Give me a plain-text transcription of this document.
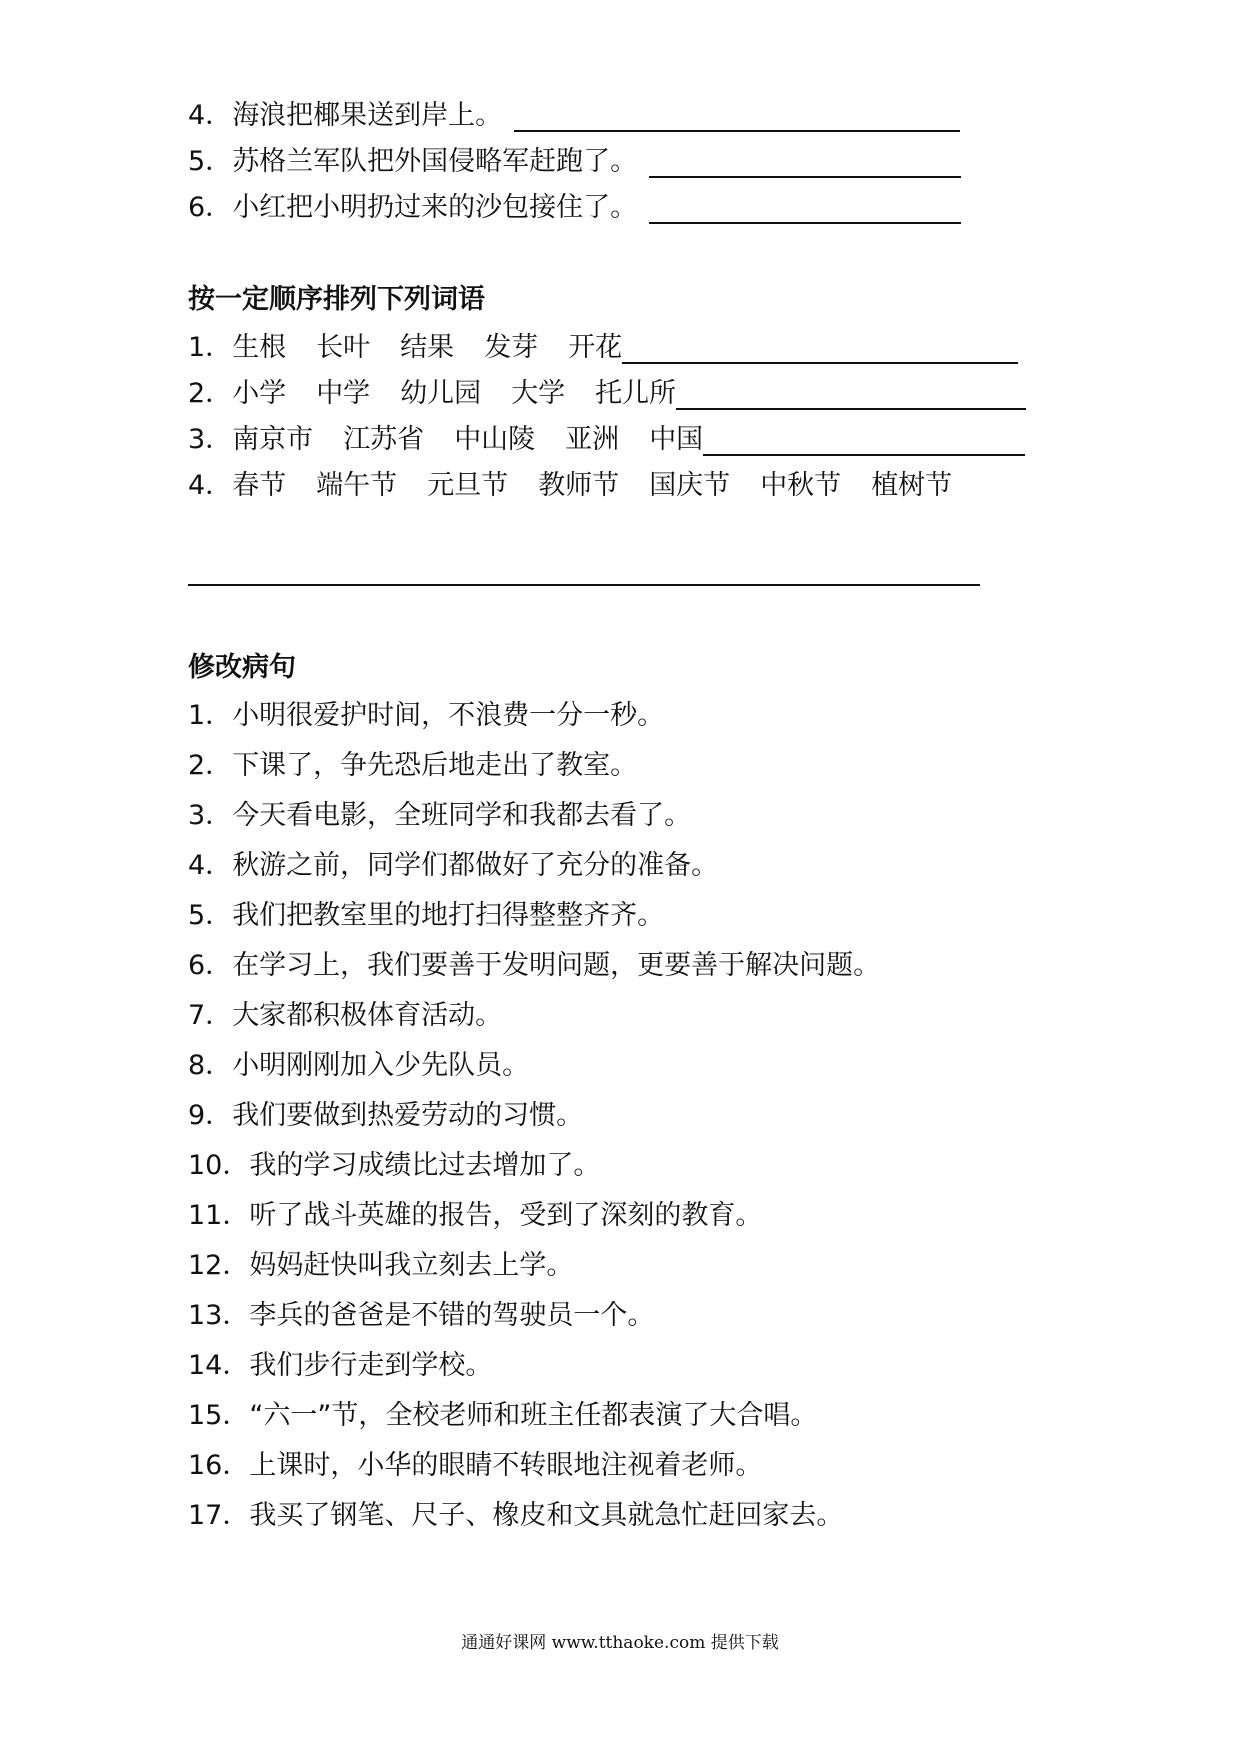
4． 海浪把椰果送到岸上。
5． 苏格兰军队把外国侵略军赶跑了。
6． 小红把小明扔过来的沙包接住了。
按一定顺序排列下列词语
1． 生根 长叶 结果 发芽 开花
2． 小学 中学 幼儿园 大学 托儿所
3． 南京市 江苏省 中山陵 亚洲 中国
4． 春节 端午节 元旦节 教师节 国庆节 中秋节 植树节
修改病句
1． 小明很爱护时间，不浪费一分一秒。
2． 下课了，争先恐后地走出了教室。
3． 今天看电影，全班同学和我都去看了。
4． 秋游之前，同学们都做好了充分的准备。
5． 我们把教室里的地打扫得整整齐齐。
6． 在学习上，我们要善于发明问题，更要善于解决问题。
7． 大家都积极体育活动。
8． 小明刚刚加入少先队员。
9． 我们要做到热爱劳动的习惯。
10． 我的学习成绩比过去增加了。
11． 听了战斗英雄的报告，受到了深刻的教育。
12． 妈妈赶快叫我立刻去上学。
13． 李兵的爸爸是不错的驾驶员一个。
14． 我们步行走到学校。
15． “六一”节，全校老师和班主任都表演了大合唱。
16． 上课时，小华的眼睛不转眼地注视着老师。
17． 我买了钢笔、尺子、橡皮和文具就急忙赶回家去。
通通好课网 www.tthaoke.com 提供下载
